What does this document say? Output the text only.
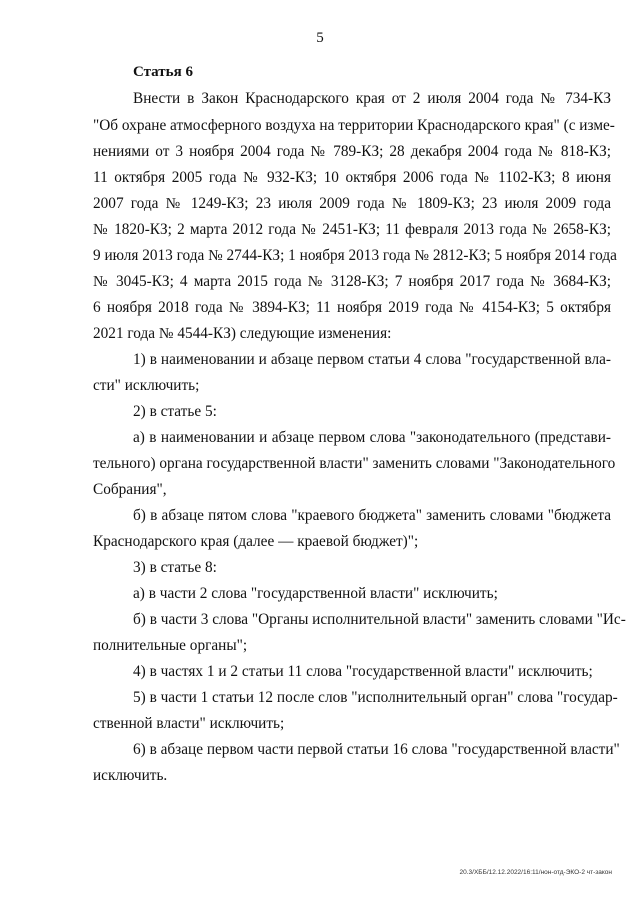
5
Статья 6
Внести в Закон Краснодарского края от 2 июля 2004 года № 734-КЗ
"Об охране атмосферного воздуха на территории Краснодарского края" (с изме-
нениями от 3 ноября 2004 года № 789-КЗ; 28 декабря 2004 года № 818-КЗ;
11 октября 2005 года № 932-КЗ; 10 октября 2006 года № 1102-КЗ; 8 июня
2007 года № 1249-КЗ; 23 июля 2009 года № 1809-КЗ; 23 июля 2009 года
№ 1820-КЗ; 2 марта 2012 года № 2451-КЗ; 11 февраля 2013 года № 2658-КЗ;
9 июля 2013 года № 2744-КЗ; 1 ноября 2013 года № 2812-КЗ; 5 ноября 2014 года
№ 3045-КЗ; 4 марта 2015 года № 3128-КЗ; 7 ноября 2017 года № 3684-КЗ;
6 ноября 2018 года № 3894-КЗ; 11 ноября 2019 года № 4154-КЗ; 5 октября
2021 года № 4544-КЗ) следующие изменения:
1) в наименовании и абзаце первом статьи 4 слова "государственной вла-
сти" исключить;
2) в статье 5:
а) в наименовании и абзаце первом слова "законодательного (представи-
тельного) органа государственной власти" заменить словами "Законодательного
Собрания",
б) в абзаце пятом слова "краевого бюджета" заменить словами "бюджета
Краснодарского края (далее — краевой бюджет)";
3) в статье 8:
а) в части 2 слова "государственной власти" исключить;
б) в части 3 слова "Органы исполнительной власти" заменить словами "Ис-
полнительные органы";
4) в частях 1 и 2 статьи 11 слова "государственной власти" исключить;
5) в части 1 статьи 12 после слов "исполнительный орган" слова "государ-
ственной власти" исключить;
6) в абзаце первом части первой статьи 16 слова "государственной власти"
исключить.
20.3/ХББ/12.12.2022/16:11/нон-отд-ЭКО-2 чт-закон
